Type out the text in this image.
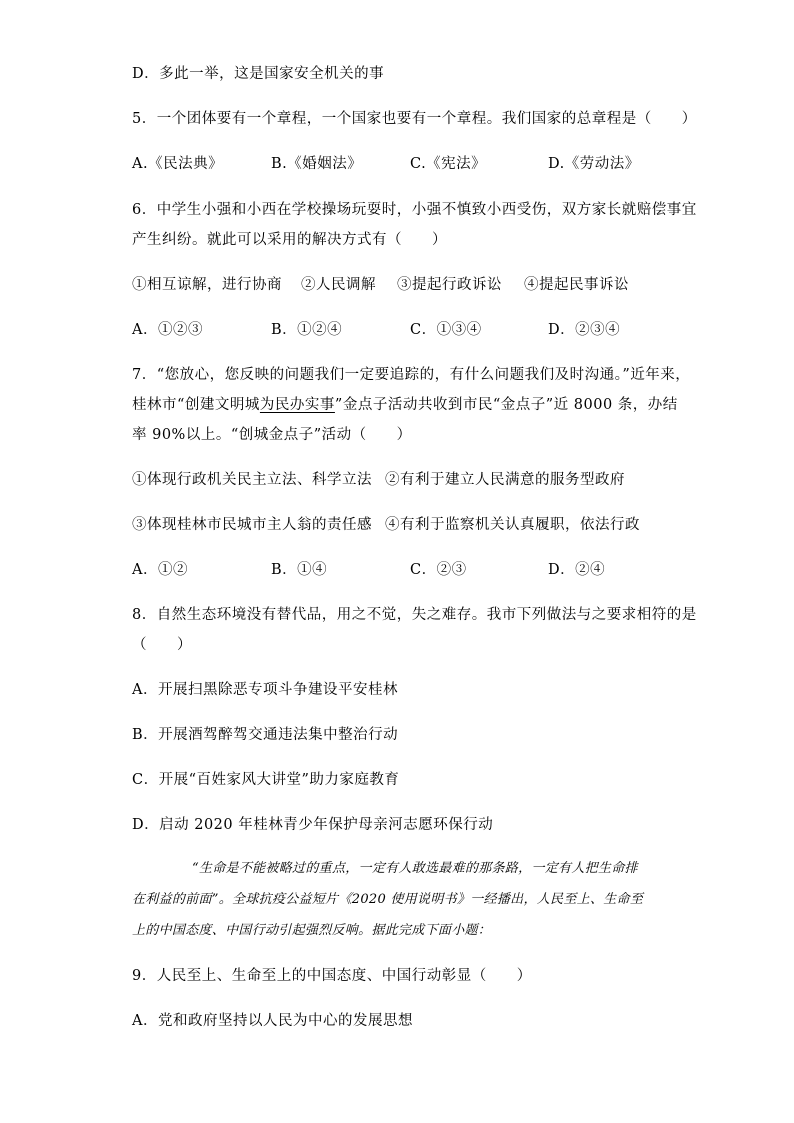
D．多此一举，这是国家安全机关的事
5．一个团体要有一个章程，一个国家也要有一个章程。我们国家的总章程是（　　）
A.《民法典》	B.《婚姻法》	C.《宪法》	D.《劳动法》
6．中学生小强和小西在学校操场玩耍时，小强不慎致小西受伤，双方家长就赔偿事宜
产生纠纷。就此可以采用的解决方式有（　　）
①相互谅解，进行协商 ②人民调解 ③提起行政诉讼 ④提起民事诉讼
A．①②③	B．①②④	C．①③④	D．②③④
7．“您放心，您反映的问题我们一定要追踪的，有什么问题我们及时沟通。”近年来，
桂林市“创建文明城为民办实事”金点子活动共收到市民“金点子”近 8000 条，办结
率 90%以上。“创城金点子”活动（　　）
①体现行政机关民主立法、科学立法 ②有利于建立人民满意的服务型政府
③体现桂林市民城市主人翁的责任感 ④有利于监察机关认真履职，依法行政
A．①②	B．①④	C．②③	D．②④
8．自然生态环境没有替代品，用之不觉，失之难存。我市下列做法与之要求相符的是
（　　）
A．开展扫黑除恶专项斗争建设平安桂林
B．开展酒驾醉驾交通违法集中整治行动
C．开展“百姓家风大讲堂”助力家庭教育
D．启动 2020 年桂林青少年保护母亲河志愿环保行动
“生命是不能被略过的重点，一定有人敢选最难的那条路，一定有人把生命排
在利益的前面”。全球抗疫公益短片《2020 使用说明书》一经播出，人民至上、生命至
上的中国态度、中国行动引起强烈反响。据此完成下面小题：
9．人民至上、生命至上的中国态度、中国行动彰显（　　）
A．党和政府坚持以人民为中心的发展思想
